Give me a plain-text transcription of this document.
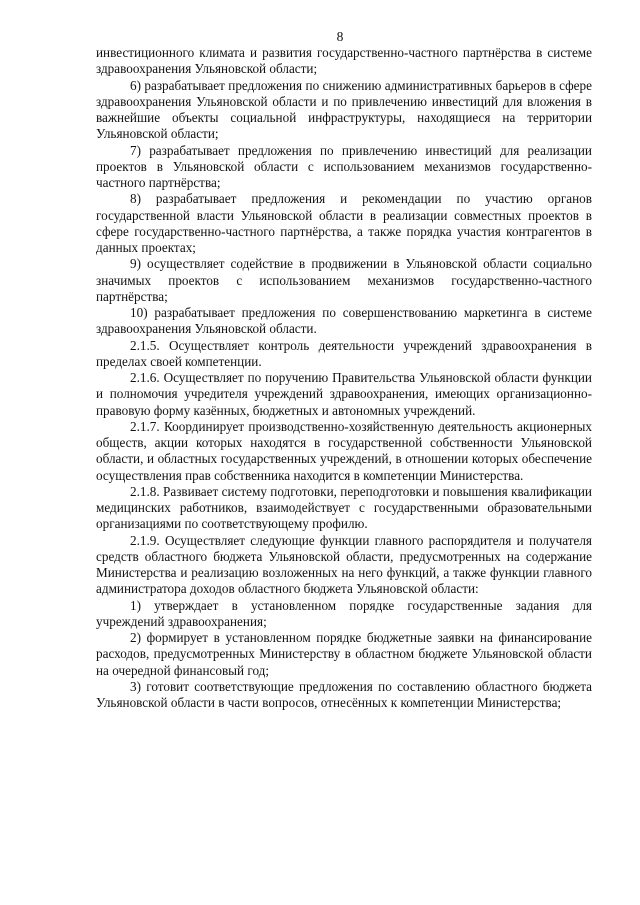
8

инвестиционного климата и развития государственно-частного партнёрства в системе здравоохранения Ульяновской области;

6) разрабатывает предложения по снижению административных барьеров в сфере здравоохранения Ульяновской области и по привлечению инвестиций для вложения в важнейшие объекты социальной инфраструктуры, находящиеся на территории Ульяновской области;

7) разрабатывает предложения по привлечению инвестиций для реализации проектов в Ульяновской области с использованием механизмов государственно-частного партнёрства;

8) разрабатывает предложения и рекомендации по участию органов государственной власти Ульяновской области в реализации совместных проектов в сфере государственно-частного партнёрства, а также порядка участия контрагентов в данных проектах;

9) осуществляет содействие в продвижении в Ульяновской области социально значимых проектов с использованием механизмов государственно-частного партнёрства;

10) разрабатывает предложения по совершенствованию маркетинга в системе здравоохранения Ульяновской области.

2.1.5. Осуществляет контроль деятельности учреждений здравоохранения в пределах своей компетенции.

2.1.6. Осуществляет по поручению Правительства Ульяновской области функции и полномочия учредителя учреждений здравоохранения, имеющих организационно-правовую форму казённых, бюджетных и автономных учреждений.

2.1.7. Координирует производственно-хозяйственную деятельность акционерных обществ, акции которых находятся в государственной собственности Ульяновской области, и областных государственных учреждений, в отношении которых обеспечение осуществления прав собственника находится в компетенции Министерства.

2.1.8. Развивает систему подготовки, переподготовки и повышения квалификации медицинских работников, взаимодействует с государственными образовательными организациями по соответствующему профилю.

2.1.9. Осуществляет следующие функции главного распорядителя и получателя средств областного бюджета Ульяновской области, предусмотренных на содержание Министерства и реализацию возложенных на него функций, а также функции главного администратора доходов областного бюджета Ульяновской области:

1) утверждает в установленном порядке государственные задания для учреждений здравоохранения;

2) формирует в установленном порядке бюджетные заявки на финансирование расходов, предусмотренных Министерству в областном бюджете Ульяновской области на очередной финансовый год;

3) готовит соответствующие предложения по составлению областного бюджета Ульяновской области в части вопросов, отнесённых к компетенции Министерства;
